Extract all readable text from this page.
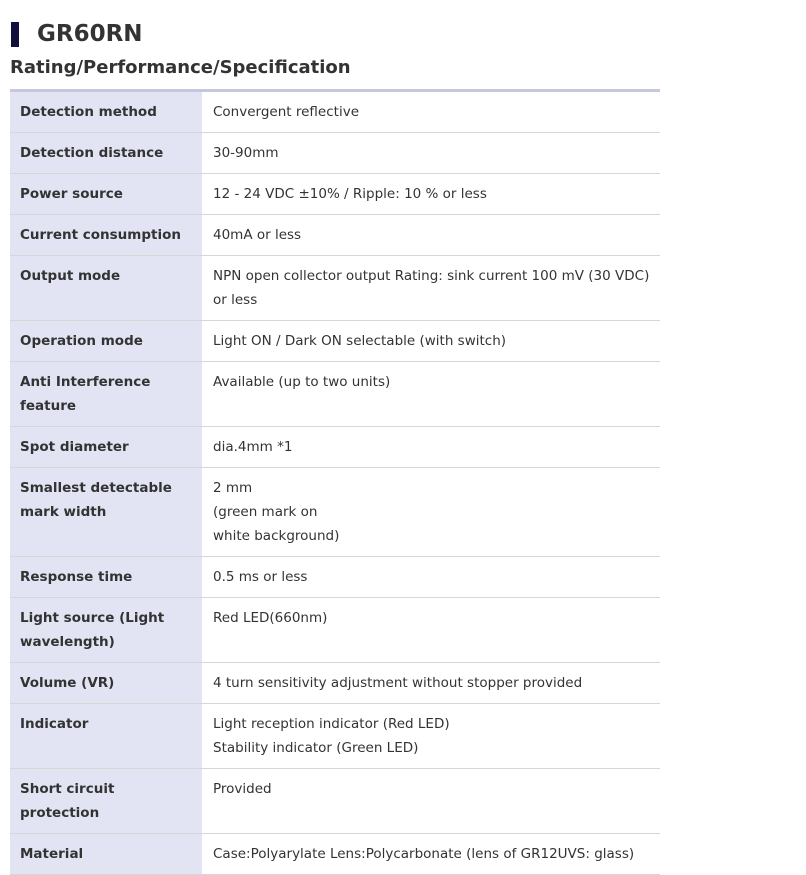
GR60RN
Rating/Performance/Specification
Detection method	Convergent reflective

Detection distance	30-90mm

Power source	12 - 24 VDC ±10% / Ripple: 10 % or less

Current consumption	40mA or less

Output mode	NPN open collector output Rating: sink current 100 mV (30 VDC) or less

Operation mode	Light ON / Dark ON selectable (with switch)

Anti Interference feature	Available (up to two units)

Spot diameter	dia.4mm *1

Smallest detectable mark width	2 mm
(green mark on
white background)

Response time	0.5 ms or less

Light source (Light wavelength)	Red LED(660nm)

Volume (VR)	4 turn sensitivity adjustment without stopper provided

Indicator	Light reception indicator (Red LED)
Stability indicator (Green LED)

Short circuit protection	Provided

Material	Case:Polyarylate Lens:Polycarbonate (lens of GR12UVS: glass)
